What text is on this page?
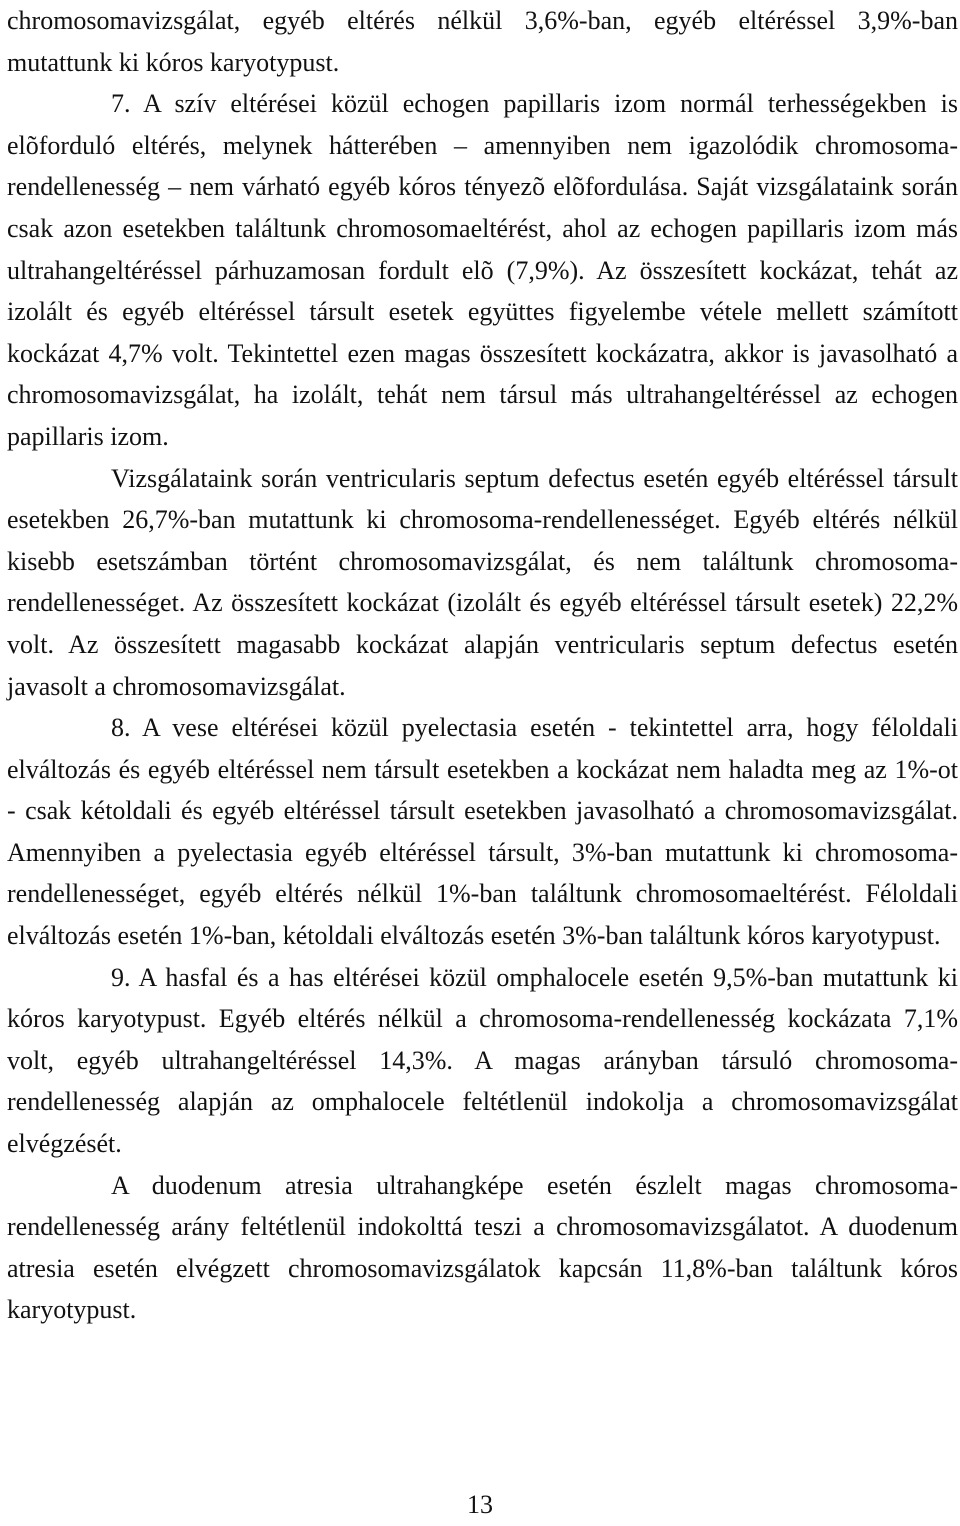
chromosomavizsgálat, egyéb eltérés nélkül 3,6%-ban, egyéb eltéréssel 3,9%-ban mutattunk ki kóros karyotypust.

7. A szív eltérései közül echogen papillaris izom normál terhességekben is elõforduló eltérés, melynek hátterében – amennyiben nem igazolódik chromosoma-rendellenesség – nem várható egyéb kóros tényezõ elõfordulása. Saját vizsgálataink során csak azon esetekben találtunk chromosomaeltérést, ahol az echogen papillaris izom más ultrahangeltéréssel párhuzamosan fordult elõ (7,9%). Az összesített kockázat, tehát az izolált és egyéb eltéréssel társult esetek együttes figyelembe vétele mellett számított kockázat 4,7% volt. Tekintettel ezen magas összesített kockázatra, akkor is javasolható a chromosomavizsgálat, ha izolált, tehát nem társul más ultrahangeltéréssel az echogen papillaris izom.

Vizsgálataink során ventricularis septum defectus esetén egyéb eltéréssel társult esetekben 26,7%-ban mutattunk ki chromosoma-rendellenességet. Egyéb eltérés nélkül kisebb esetszámban történt chromosomavizsgálat, és nem találtunk chromosoma-rendellenességet. Az összesített kockázat (izolált és egyéb eltéréssel társult esetek) 22,2% volt. Az összesített magasabb kockázat alapján ventricularis septum defectus esetén javasolt a chromosomavizsgálat.

8. A vese eltérései közül pyelectasia esetén - tekintettel arra, hogy féloldali elváltozás és egyéb eltéréssel nem társult esetekben a kockázat nem haladta meg az 1%-ot - csak kétoldali és egyéb eltéréssel társult esetekben javasolható a chromosomavizsgálat. Amennyiben a pyelectasia egyéb eltéréssel társult, 3%-ban mutattunk ki chromosoma-rendellenességet, egyéb eltérés nélkül 1%-ban találtunk chromosomaeltérést. Féloldali elváltozás esetén 1%-ban, kétoldali elváltozás esetén 3%-ban találtunk kóros karyotypust.

9. A hasfal és a has eltérései közül omphalocele esetén 9,5%-ban mutattunk ki kóros karyotypust. Egyéb eltérés nélkül a chromosoma-rendellenesség kockázata 7,1% volt, egyéb ultrahangeltéréssel 14,3%. A magas arányban társuló chromosoma-rendellenesség alapján az omphalocele feltétlenül indokolja a chromosomavizsgálat elvégzését.

A duodenum atresia ultrahangképe esetén észlelt magas chromosoma-rendellenesség arány feltétlenül indokolttá teszi a chromosomavizsgálatot. A duodenum atresia esetén elvégzett chromosomavizsgálatok kapcsán 11,8%-ban találtunk kóros karyotypust.

13
